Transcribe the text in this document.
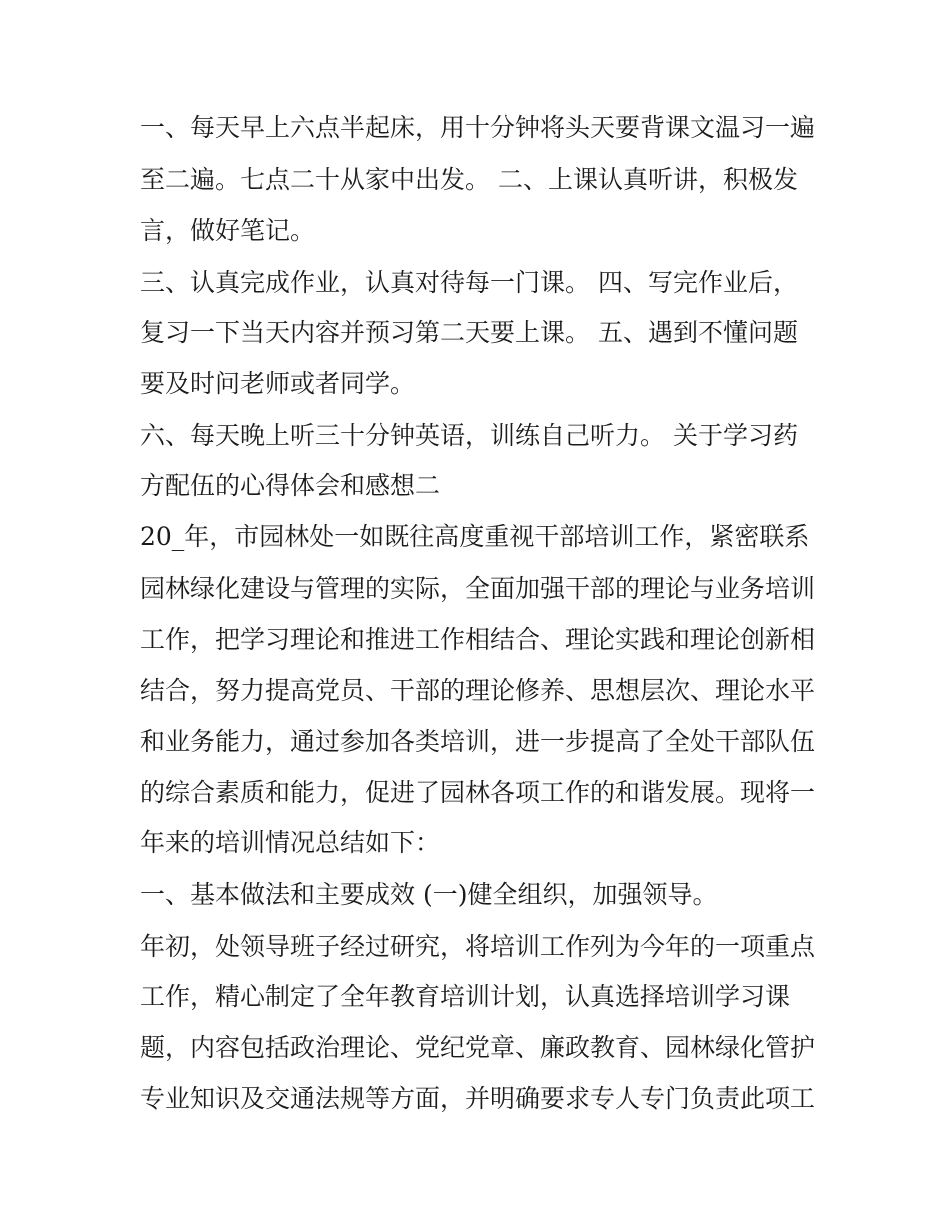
一、每天早上六点半起床，用十分钟将头天要背课文温习一遍
至二遍。七点二十从家中出发。 二、上课认真听讲，积极发
言，做好笔记。
三、认真完成作业，认真对待每一门课。 四、写完作业后，
复习一下当天内容并预习第二天要上课。 五、遇到不懂问题
要及时问老师或者同学。
六、每天晚上听三十分钟英语，训练自己听力。 关于学习药
方配伍的心得体会和感想二
20_年，市园林处一如既往高度重视干部培训工作，紧密联系
园林绿化建设与管理的实际，全面加强干部的理论与业务培训
工作，把学习理论和推进工作相结合、理论实践和理论创新相
结合，努力提高党员、干部的理论修养、思想层次、理论水平
和业务能力，通过参加各类培训，进一步提高了全处干部队伍
的综合素质和能力，促进了园林各项工作的和谐发展。现将一
年来的培训情况总结如下：
一、基本做法和主要成效 (一)健全组织，加强领导。
年初，处领导班子经过研究，将培训工作列为今年的一项重点
工作，精心制定了全年教育培训计划，认真选择培训学习课
题，内容包括政治理论、党纪党章、廉政教育、园林绿化管护
专业知识及交通法规等方面，并明确要求专人专门负责此项工
